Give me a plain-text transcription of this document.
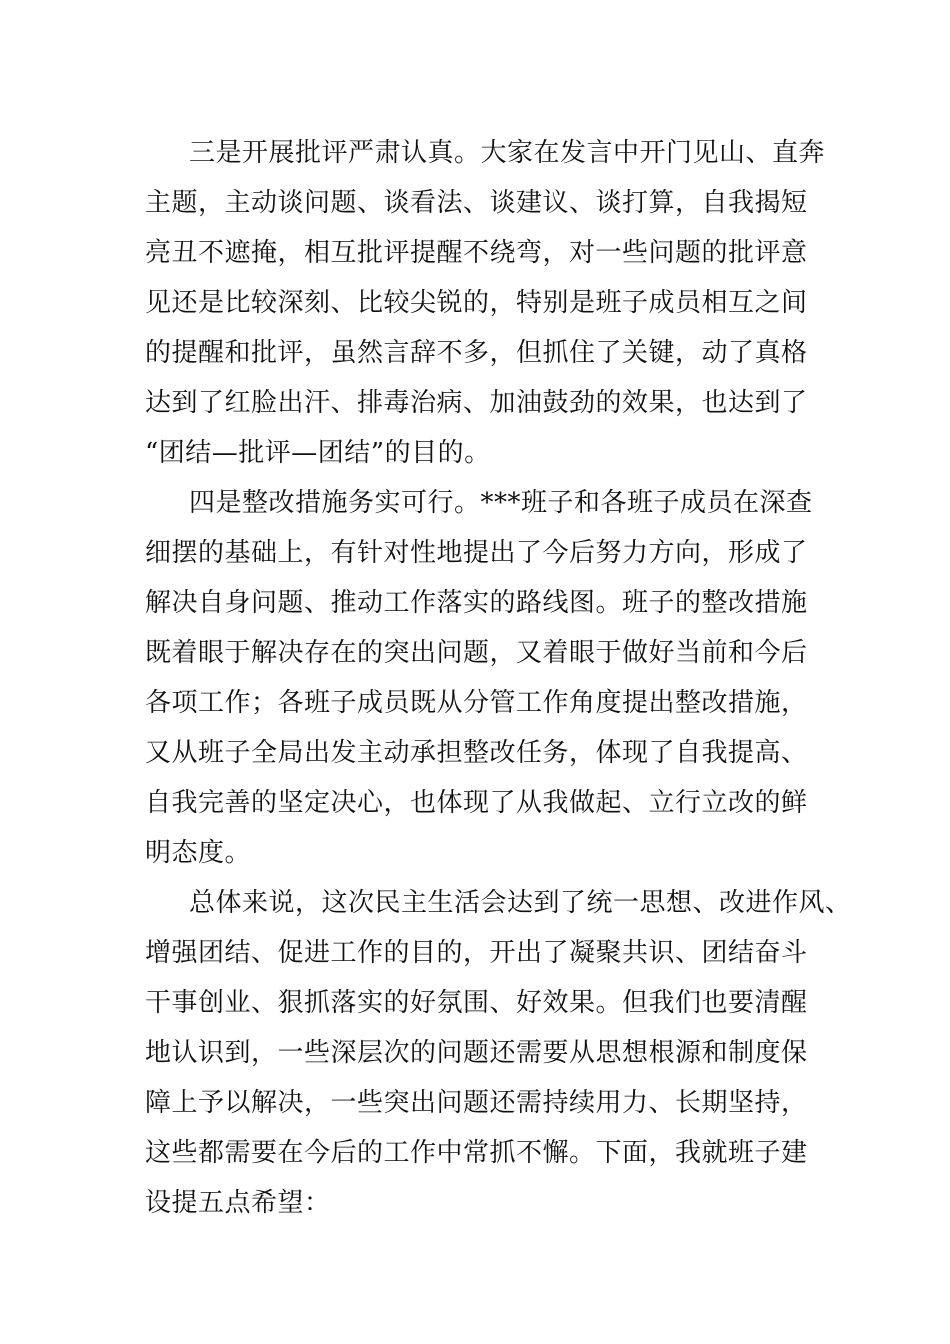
三是开展批评严肃认真。大家在发言中开门见山、直奔
主题，主动谈问题、谈看法、谈建议、谈打算，自我揭短
亮丑不遮掩，相互批评提醒不绕弯，对一些问题的批评意
见还是比较深刻、比较尖锐的，特别是班子成员相互之间
的提醒和批评，虽然言辞不多，但抓住了关键，动了真格
达到了红脸出汗、排毒治病、加油鼓劲的效果，也达到了
“团结—批评—团结”的目的。
四是整改措施务实可行。***班子和各班子成员在深查
细摆的基础上，有针对性地提出了今后努力方向，形成了
解决自身问题、推动工作落实的路线图。班子的整改措施
既着眼于解决存在的突出问题，又着眼于做好当前和今后
各项工作；各班子成员既从分管工作角度提出整改措施，
又从班子全局出发主动承担整改任务，体现了自我提高、
自我完善的坚定决心，也体现了从我做起、立行立改的鲜
明态度。
总体来说，这次民主生活会达到了统一思想、改进作风、
增强团结、促进工作的目的，开出了凝聚共识、团结奋斗
干事创业、狠抓落实的好氛围、好效果。但我们也要清醒
地认识到，一些深层次的问题还需要从思想根源和制度保
障上予以解决，一些突出问题还需持续用力、长期坚持，
这些都需要在今后的工作中常抓不懈。下面，我就班子建
设提五点希望：
